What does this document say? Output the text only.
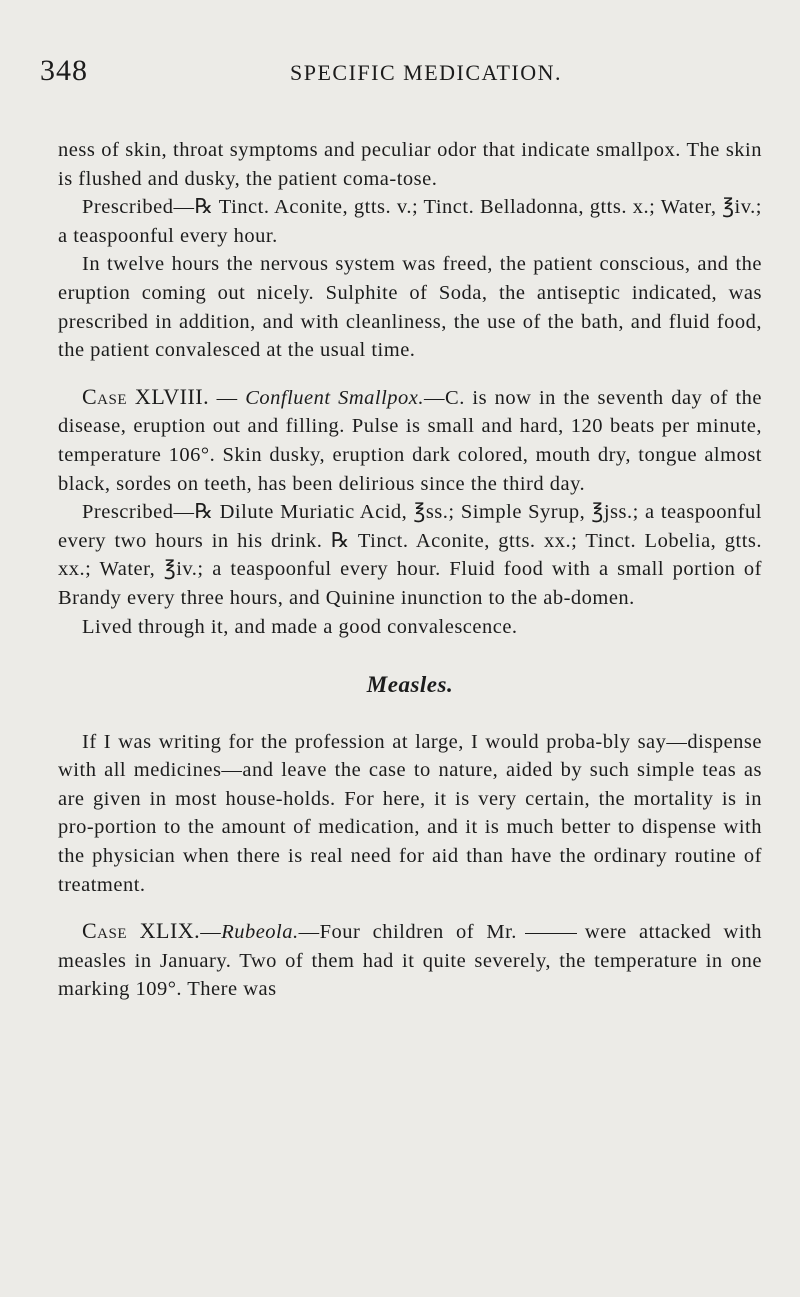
348	SPECIFIC MEDICATION.

ness of skin, throat symptoms and peculiar odor that indicate smallpox. The skin is flushed and dusky, the patient coma-tose.

Prescribed—℞ Tinct. Aconite, gtts. v.; Tinct. Belladonna, gtts. x.; Water, ℥iv.; a teaspoonful every hour.

In twelve hours the nervous system was freed, the patient conscious, and the eruption coming out nicely. Sulphite of Soda, the antiseptic indicated, was prescribed in addition, and with cleanliness, the use of the bath, and fluid food, the patient convalesced at the usual time.

Case XLVIII. — Confluent Smallpox.—C. is now in the seventh day of the disease, eruption out and filling. Pulse is small and hard, 120 beats per minute, temperature 106°. Skin dusky, eruption dark colored, mouth dry, tongue almost black, sordes on teeth, has been delirious since the third day.

Prescribed—℞ Dilute Muriatic Acid, ℥ss.; Simple Syrup, ℥jss.; a teaspoonful every two hours in his drink. ℞ Tinct. Aconite, gtts. xx.; Tinct. Lobelia, gtts. xx.; Water, ℥iv.; a teaspoonful every hour. Fluid food with a small portion of Brandy every three hours, and Quinine inunction to the ab-domen.

Lived through it, and made a good convalescence.

Measles.

If I was writing for the profession at large, I would proba-bly say—dispense with all medicines—and leave the case to nature, aided by such simple teas as are given in most house-holds. For here, it is very certain, the mortality is in pro-portion to the amount of medication, and it is much better to dispense with the physician when there is real need for aid than have the ordinary routine of treatment.

Case XLIX.—Rubeola.—Four children of Mr.	were attacked with measles in January. Two of them had it quite severely, the temperature in one marking 109°. There was
